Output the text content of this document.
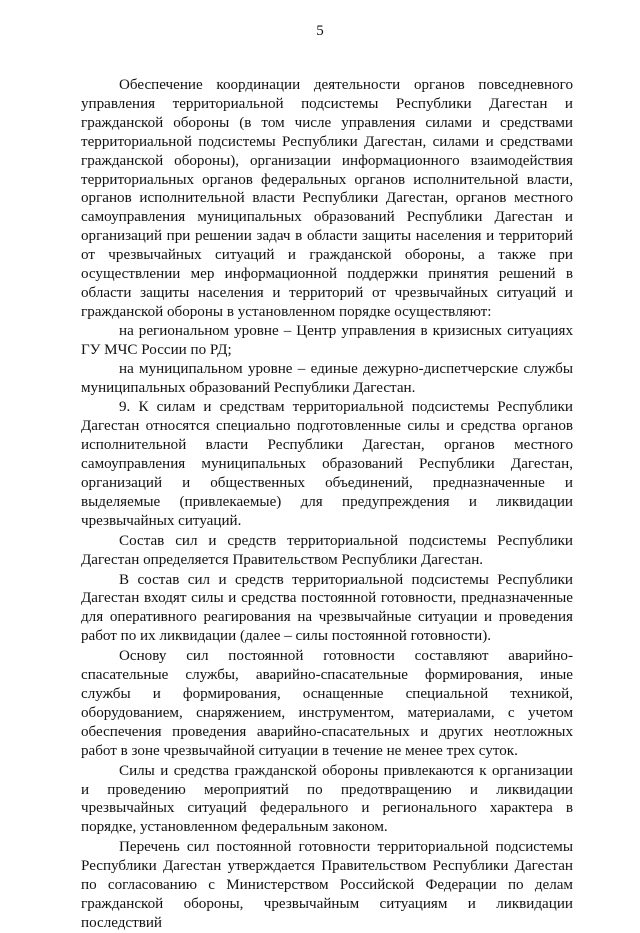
5

Обеспечение координации деятельности органов повседневного управления территориальной подсистемы Республики Дагестан и гражданской обороны (в том числе управления силами и средствами территориальной подсистемы Республики Дагестан, силами и средствами гражданской обороны), организации информационного взаимодействия территориальных органов федеральных органов исполнительной власти, органов исполнительной власти Республики Дагестан, органов местного самоуправления муниципальных образований Республики Дагестан и организаций при решении задач в области защиты населения и территорий от чрезвычайных ситуаций и гражданской обороны, а также при осуществлении мер информационной поддержки принятия решений в области защиты населения и территорий от чрезвычайных ситуаций и гражданской обороны в установленном порядке осуществляют:

на региональном уровне – Центр управления в кризисных ситуациях ГУ МЧС России по РД;

на муниципальном уровне – единые дежурно-диспетчерские службы муниципальных образований Республики Дагестан.

9. К силам и средствам территориальной подсистемы Республики Дагестан относятся специально подготовленные силы и средства органов исполнительной власти Республики Дагестан, органов местного самоуправления муниципальных образований Республики Дагестан, организаций и общественных объединений, предназначенные и выделяемые (привлекаемые) для предупреждения и ликвидации чрезвычайных ситуаций.

Состав сил и средств территориальной подсистемы Республики Дагестан определяется Правительством Республики Дагестан.

В состав сил и средств территориальной подсистемы Республики Дагестан входят силы и средства постоянной готовности, предназначенные для оперативного реагирования на чрезвычайные ситуации и проведения работ по их ликвидации (далее – силы постоянной готовности).

Основу сил постоянной готовности составляют аварийно-спасательные службы, аварийно-спасательные формирования, иные службы и формирования, оснащенные специальной техникой, оборудованием, снаряжением, инструментом, материалами, с учетом обеспечения проведения аварийно-спасательных и других неотложных работ в зоне чрезвычайной ситуации в течение не менее трех суток.

Силы и средства гражданской обороны привлекаются к организации и проведению мероприятий по предотвращению и ликвидации чрезвычайных ситуаций федерального и регионального характера в порядке, установленном федеральным законом.

Перечень сил постоянной готовности территориальной подсистемы Республики Дагестан утверждается Правительством Республики Дагестан по согласованию с Министерством Российской Федерации по делам гражданской обороны, чрезвычайным ситуациям и ликвидации последствий
